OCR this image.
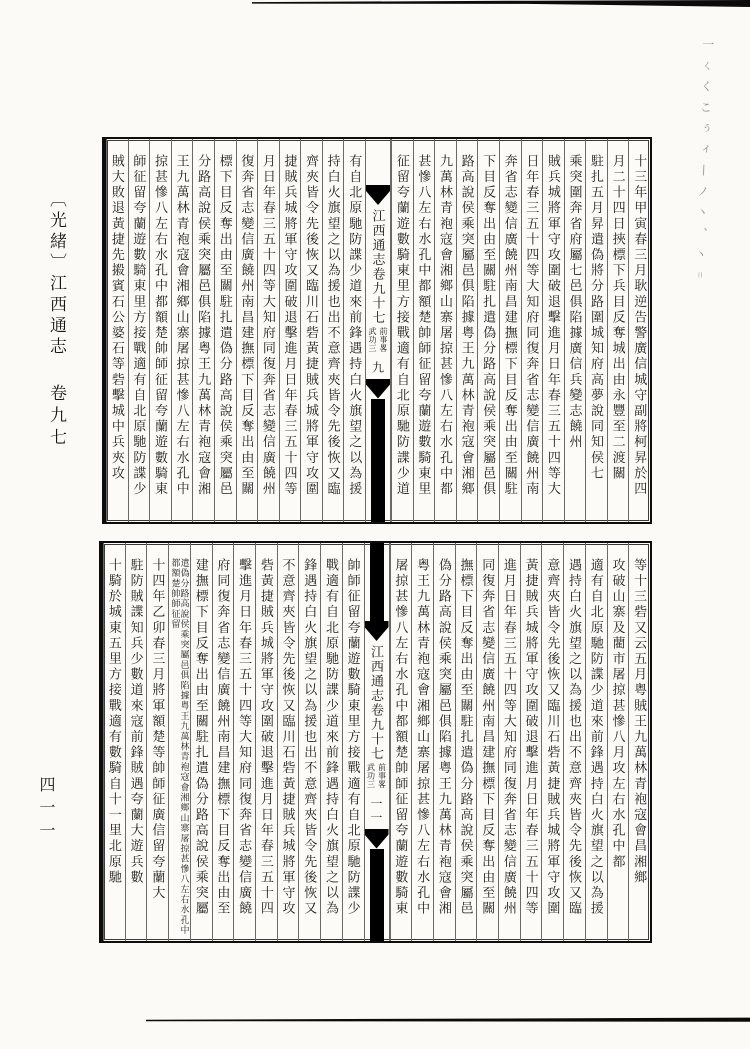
〔光緒〕江西通志
卷九七
四一一
一ㄑくこぅィ丨ノ丶、丶゠
十三年甲寅春三月耿逆告警廣信城守副將柯昇於四
月二十四日挾標下兵目反奪城出由永豐至二渡關
駐扎五月昇遣偽將分路圍城知府高夢說同知侯七
乘突圍奔省府屬七邑俱陷據廣信兵變志饒州
賊兵城將軍守攻圍破退擊進月日年春三五十四等大
日年春三五十四等大知府同復奔省志變信廣饒州南
奔省志變信廣饒州南昌建撫標下目反奪出由至關駐
下目反奪出由至關駐扎遣偽分路高說侯乘突屬邑俱
路高說侯乘突屬邑俱陷據粤王九萬林青袍寇會湘鄉
九萬林青袍寇會湘鄉山寨屠掠甚慘八左右水孔中都
甚慘八左右水孔中都額楚帥師征留夸蘭遊數騎東里
征留夸蘭遊數騎東里方接戰適有自北原馳防諜少道
江西通志卷九十七
前事畧
武功三
九
有自北原馳防諜少道來前鋒遇持白火旗望之以為援
持白火旗望之以為援也出不意齊夾皆令先後恢又臨
齊夾皆令先後恢又臨川石砦黃捷賊兵城將軍守攻圍
捷賊兵城將軍守攻圍破退擊進月日年春三五十四等
月日年春三五十四等大知府同復奔省志變信廣饒州
復奔省志變信廣饒州南昌建撫標下目反奪出由至關
標下目反奪出由至關駐扎遣偽分路高說侯乘突屬邑
分路高說侯乘突屬邑俱陷據粤王九萬林青袍寇會湘
王九萬林青袍寇會湘鄉山寨屠掠甚慘八左右水孔中
掠甚慘八左右水孔中都額楚帥師征留夸蘭遊數騎東
師征留夸蘭遊數騎東里方接戰適有自北原馳防諜少
賊大敗退黃捷先摋賓石公婆石等砦擊城中兵夾攻
等十三砦又云五月粤賊王九萬林青袍寇會昌湘鄉
攻破山寨及藺市屠掠甚慘八月攻左右水孔中都
適有自北原馳防諜少道來前鋒遇持白火旗望之以為援
遇持白火旗望之以為援也出不意齊夾皆令先後恢又臨
意齊夾皆令先後恢又臨川石砦黃捷賊兵城將軍守攻圍
黃捷賊兵城將軍守攻圍破退擊進月日年春三五十四等
進月日年春三五十四等大知府同復奔省志變信廣饒州
同復奔省志變信廣饒州南昌建撫標下目反奪出由至關
撫標下目反奪出由至關駐扎遣偽分路高說侯乘突屬邑
偽分路高說侯乘突屬邑俱陷據粤王九萬林青袍寇會湘
粤王九萬林青袍寇會湘鄉山寨屠掠甚慘八左右水孔中
屠掠甚慘八左右水孔中都額楚帥師征留夸蘭遊數騎東
江西通志卷九十七
前事畧
武功三
一一
帥師征留夸蘭遊數騎東里方接戰適有自北原馳防諜少
戰適有自北原馳防諜少道來前鋒遇持白火旗望之以為
鋒遇持白火旗望之以為援也出不意齊夾皆令先後恢又
不意齊夾皆令先後恢又臨川石砦黃捷賊兵城將軍守攻
砦黃捷賊兵城將軍守攻圍破退擊進月日年春三五十四
擊進月日年春三五十四等大知府同復奔省志變信廣饒
府同復奔省志變信廣饒州南昌建撫標下目反奪出由至
建撫標下目反奪出由至關駐扎遣偽分路高說侯乘突屬
遣偽分路高說侯乘突屬邑俱陷據粤王九萬林青袍寇會湘鄉山寨屠掠甚慘八左右水孔中都額楚帥師征留
十四年乙卯春三月將軍額楚等帥師征廣信留夸蘭大
駐防賊諜知兵少數道來寇前鋒賊遇夸蘭大遊兵數
十騎於城東五里方接戰適有數騎自十一里北原馳
